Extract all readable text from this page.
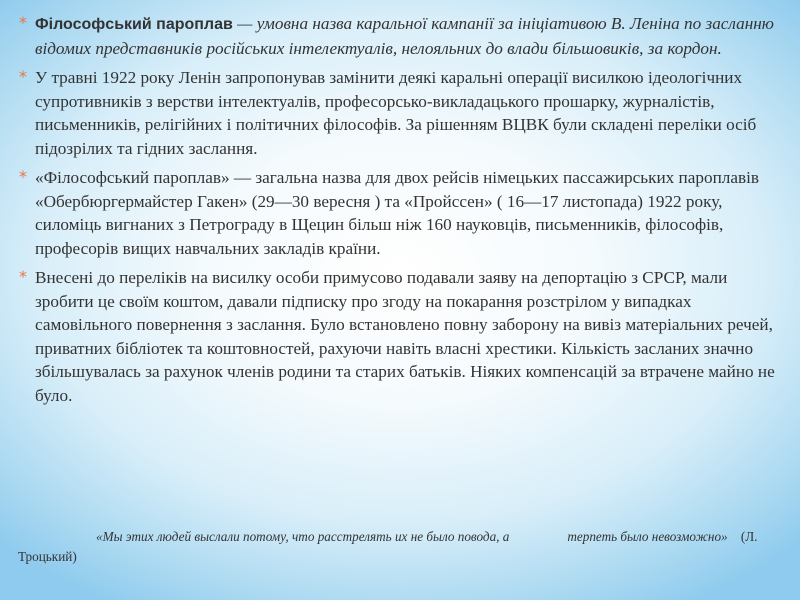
* Філософський пароплав — умовна назва каральної кампанії за ініціативою В. Леніна по засланню відомих представників російських інтелектуалів, нелояльних до влади більшовиків, за кордон.
* У травні 1922 року Ленін запропонував замінити деякі каральні операції висилкою ідеологічних супротивників з верстви інтелектуалів, професорсько-викладацького прошарку, журналістів, письменників, релігійних і політичних філософів. За рішенням ВЦВК були складені переліки осіб підозрілих та гідних заслання.
* «Філософський пароплав» — загальна назва для двох рейсів німецьких пассажирських пароплавів «Обербюргермайстер Гакен» (29—30 вересня ) та «Пройссен» ( 16—17 листопада) 1922 року, силоміць вигнаних з Петрограду в Щецин більш ніж 160 науковців, письменників, філософів, професорів вищих навчальних закладів країни.
* Внесені до переліків на висилку особи примусово подавали заяву на депортацію з СРСР, мали зробити це своїм коштом, давали підписку про згоду на покарання розстрілом у випадках самовільного повернення з заслання. Було встановлено повну заборону на вивіз матеріальних речей, приватних бібліотек та коштовностей, рахуючи навіть власні хрестики. Кількість засланих значно збільшувалась за рахунок членів родини та старих батьків. Ніяких компенсацій за втрачене майно не було.
«Мы этих людей выслали потому, что расстрелять их не было повода, а	терпеть было невозможно» (Л. Троцький)
